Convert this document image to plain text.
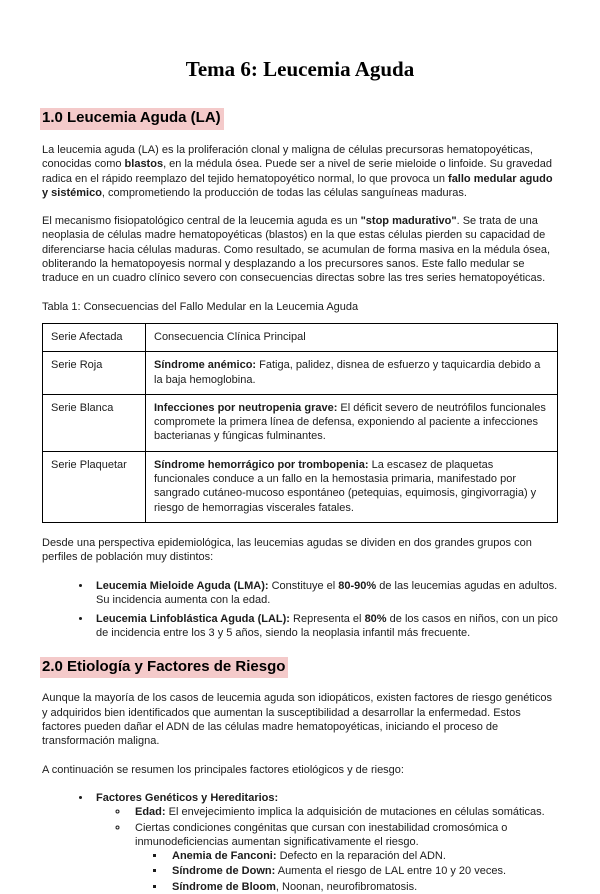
Tema 6: Leucemia Aguda
1.0 Leucemia Aguda (LA)

La leucemia aguda (LA) es la proliferación clonal y maligna de células precursoras hematopoyéticas, conocidas como blastos, en la médula ósea. Puede ser a nivel de serie mieloide o linfoide. Su gravedad radica en el rápido reemplazo del tejido hematopoyético normal, lo que provoca un fallo medular agudo y sistémico, comprometiendo la producción de todas las células sanguíneas maduras.

El mecanismo fisiopatológico central de la leucemia aguda es un "stop madurativo". Se trata de una neoplasia de células madre hematopoyéticas (blastos) en la que estas células pierden su capacidad de diferenciarse hacia células maduras. Como resultado, se acumulan de forma masiva en la médula ósea, obliterando la hematopoyesis normal y desplazando a los precursores sanos. Este fallo medular se traduce en un cuadro clínico severo con consecuencias directas sobre las tres series hematopoyéticas.

Tabla 1: Consecuencias del Fallo Medular en la Leucemia Aguda

Serie Afectada	Consecuencia Clínica Principal
Serie Roja	Síndrome anémico: Fatiga, palidez, disnea de esfuerzo y taquicardia debido a la baja hemoglobina.
Serie Blanca	Infecciones por neutropenia grave: El déficit severo de neutrófilos funcionales compromete la primera línea de defensa, exponiendo al paciente a infecciones bacterianas y fúngicas fulminantes.
Serie Plaquetar	Síndrome hemorrágico por trombopenia: La escasez de plaquetas funcionales conduce a un fallo en la hemostasia primaria, manifestado por sangrado cutáneo-mucoso espontáneo (petequias, equimosis, gingivorragia) y riesgo de hemorragias viscerales fatales.

Desde una perspectiva epidemiológica, las leucemias agudas se dividen en dos grandes grupos con perfiles de población muy distintos:

• Leucemia Mieloide Aguda (LMA): Constituye el 80-90% de las leucemias agudas en adultos. Su incidencia aumenta con la edad.
• Leucemia Linfoblástica Aguda (LAL): Representa el 80% de los casos en niños, con un pico de incidencia entre los 3 y 5 años, siendo la neoplasia infantil más frecuente.
2.0 Etiología y Factores de Riesgo

Aunque la mayoría de los casos de leucemia aguda son idiopáticos, existen factores de riesgo genéticos y adquiridos bien identificados que aumentan la susceptibilidad a desarrollar la enfermedad. Estos factores pueden dañar el ADN de las células madre hematopoyéticas, iniciando el proceso de transformación maligna.

A continuación se resumen los principales factores etiológicos y de riesgo:

• Factores Genéticos y Hereditarios:
◦ Edad: El envejecimiento implica la adquisición de mutaciones en células somáticas.
◦ Ciertas condiciones congénitas que cursan con inestabilidad cromosómica o inmunodeficiencias aumentan significativamente el riesgo.
▪ Anemia de Fanconi: Defecto en la reparación del ADN.
▪ Síndrome de Down: Aumenta el riesgo de LAL entre 10 y 20 veces.
▪ Síndrome de Bloom, Noonan, neurofibromatosis.
